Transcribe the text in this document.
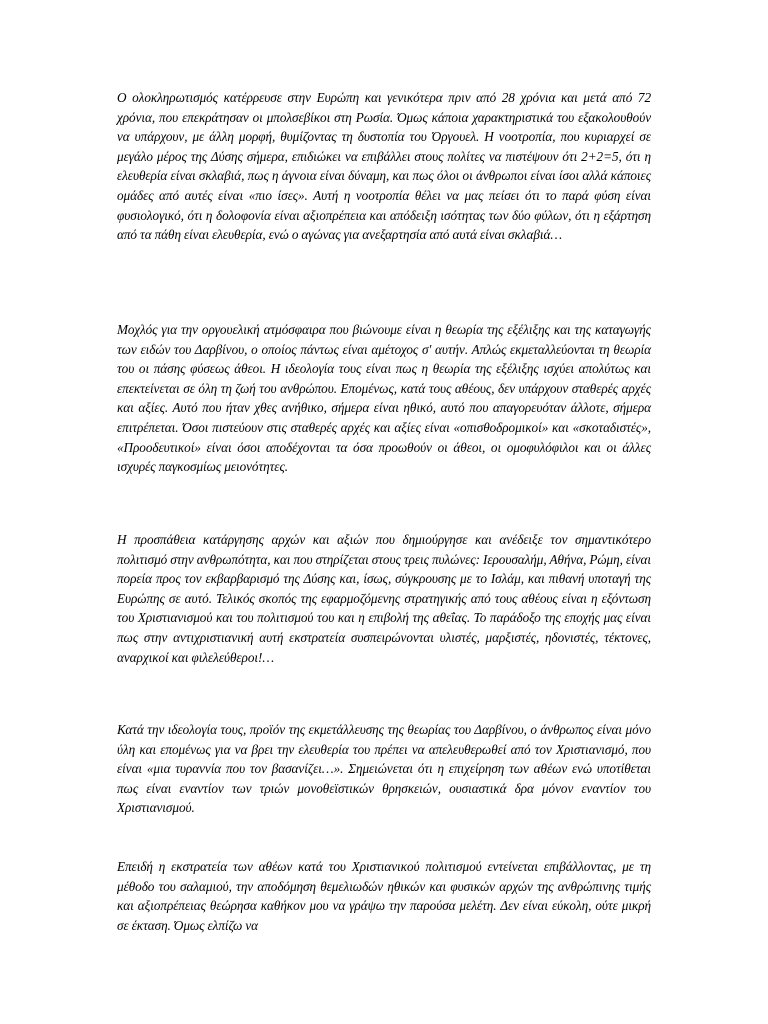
Ο ολοκληρωτισμός κατέρρευσε στην Ευρώπη και γενικότερα πριν από 28 χρόνια και μετά από 72 χρόνια, που επεκράτησαν οι μπολσεβίκοι στη Ρωσία. Όμως κάποια χαρακτηριστικά του εξακολουθούν να υπάρχουν, με άλλη μορφή, θυμίζοντας τη δυστοπία του Όργουελ. Η νοοτροπία, που κυριαρχεί σε μεγάλο μέρος της Δύσης σήμερα, επιδιώκει να επιβάλλει στους πολίτες να πιστέψουν ότι 2+2=5, ότι η ελευθερία είναι σκλαβιά, πως η άγνοια είναι δύναμη, και πως όλοι οι άνθρωποι είναι ίσοι αλλά κάποιες ομάδες από αυτές είναι «πιο ίσες». Αυτή η νοοτροπία θέλει να μας πείσει ότι το παρά φύση είναι φυσιολογικό, ότι η δολοφονία είναι αξιοπρέπεια και απόδειξη ισότητας των δύο φύλων, ότι η εξάρτηση από τα πάθη είναι ελευθερία, ενώ ο αγώνας για ανεξαρτησία από αυτά είναι σκλαβιά…

Μοχλός για την οργουελική ατμόσφαιρα που βιώνουμε είναι η θεωρία της εξέλιξης και της καταγωγής των ειδών του Δαρβίνου, ο οποίος πάντως είναι αμέτοχος σ' αυτήν. Απλώς εκμεταλλεύονται τη θεωρία του οι πάσης φύσεως άθεοι. Η ιδεολογία τους είναι πως η θεωρία της εξέλιξης ισχύει απολύτως και επεκτείνεται σε όλη τη ζωή του ανθρώπου. Επομένως, κατά τους αθέους, δεν υπάρχουν σταθερές αρχές και αξίες. Αυτό που ήταν χθες ανήθικο, σήμερα είναι ηθικό, αυτό που απαγορευόταν άλλοτε, σήμερα επιτρέπεται. Όσοι πιστεύουν στις σταθερές αρχές και αξίες είναι «οπισθοδρομικοί» και «σκοταδιστές», «Προοδευτικοί» είναι όσοι αποδέχονται τα όσα προωθούν οι άθεοι, οι ομοφυλόφιλοι και οι άλλες ισχυρές παγκοσμίως μειονότητες.

Η προσπάθεια κατάργησης αρχών και αξιών που δημιούργησε και ανέδειξε τον σημαντικότερο πολιτισμό στην ανθρωπότητα, και που στηρίζεται στους τρεις πυλώνες: Ιερουσαλήμ, Αθήνα, Ρώμη, είναι πορεία προς τον εκβαρβαρισμό της Δύσης και, ίσως, σύγκρουσης με το Ισλάμ, και πιθανή υποταγή της Ευρώπης σε αυτό. Τελικός σκοπός της εφαρμοζόμενης στρατηγικής από τους αθέους είναι η εξόντωση του Χριστιανισμού και του πολιτισμού του και η επιβολή της αθεΐας. Το παράδοξο της εποχής μας είναι πως στην αντιχριστιανική αυτή εκστρατεία συσπειρώνονται υλιστές, μαρξιστές, ηδονιστές, τέκτονες, αναρχικοί και φιλελεύθεροι!…

Κατά την ιδεολογία τους, προϊόν της εκμετάλλευσης της θεωρίας του Δαρβίνου, ο άνθρωπος είναι μόνο ύλη και επομένως για να βρει την ελευθερία του πρέπει να απελευθερωθεί από τον Χριστιανισμό, που είναι «μια τυραννία που τον βασανίζει…». Σημειώνεται ότι η επιχείρηση των αθέων ενώ υποτίθεται πως είναι εναντίον των τριών μονοθεϊστικών θρησκειών, ουσιαστικά δρα μόνον εναντίον του Χριστιανισμού.

Επειδή η εκστρατεία των αθέων κατά του Χριστιανικού πολιτισμού εντείνεται επιβάλλοντας, με τη μέθοδο του σαλαμιού, την αποδόμηση θεμελιωδών ηθικών και φυσικών αρχών της ανθρώπινης τιμής και αξιοπρέπειας θεώρησα καθήκον μου να γράψω την παρούσα μελέτη. Δεν είναι εύκολη, ούτε μικρή σε έκταση. Όμως ελπίζω να
